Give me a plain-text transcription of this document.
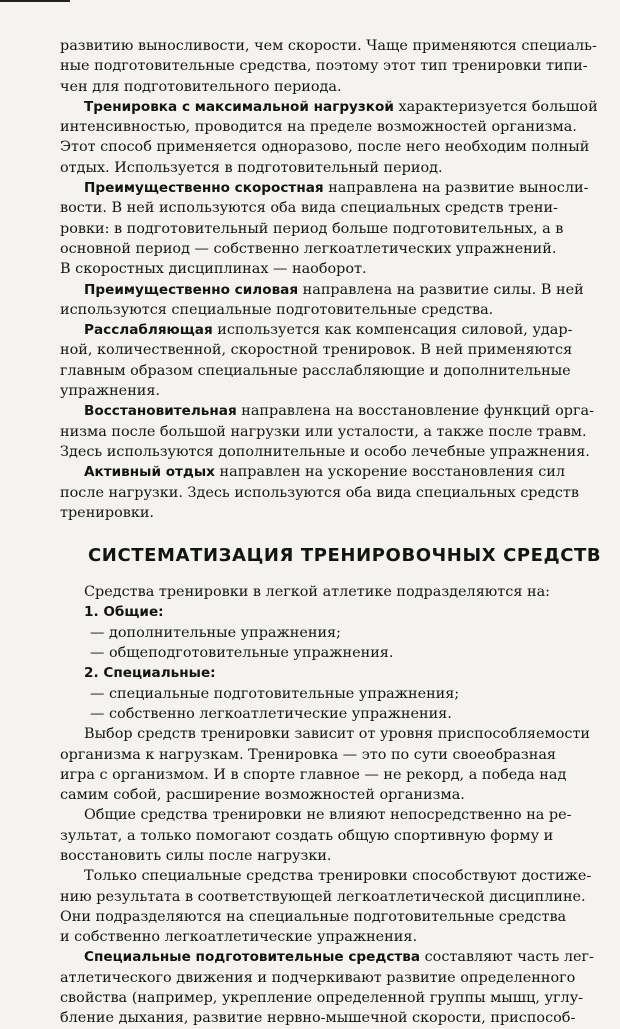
развитию выносливости, чем скорости. Чаще применяются специаль-
ные подготовительные средства, поэтому этот тип тренировки типи-
чен для подготовительного периода.

Тренировка с максимальной нагрузкой характеризуется большой
интенсивностью, проводится на пределе возможностей организма.
Этот способ применяется одноразово, после него необходим полный
отдых. Используется в подготовительный период.

Преимущественно скоростная направлена на развитие выносли-
вости. В ней используются оба вида специальных средств трени-
ровки: в подготовительный период больше подготовительных, а в
основной период — собственно легкоатлетических упражнений.
В скоростных дисциплинах — наоборот.

Преимущественно силовая направлена на развитие силы. В ней
используются специальные подготовительные средства.

Расслабляющая используется как компенсация силовой, удар-
ной, количественной, скоростной тренировок. В ней применяются
главным образом специальные расслабляющие и дополнительные
упражнения.

Восстановительная направлена на восстановление функций орга-
низма после большой нагрузки или усталости, а также после травм.
Здесь используются дополнительные и особо лечебные упражнения.

Активный отдых направлен на ускорение восстановления сил
после нагрузки. Здесь используются оба вида специальных средств
тренировки.

СИСТЕМАТИЗАЦИЯ ТРЕНИРОВОЧНЫХ СРЕДСТВ

Средства тренировки в легкой атлетике подразделяются на:
1. Общие:
— дополнительные упражнения;
— общеподготовительные упражнения.
2. Специальные:
— специальные подготовительные упражнения;
— собственно легкоатлетические упражнения.

Выбор средств тренировки зависит от уровня приспособляемости
организма к нагрузкам. Тренировка — это по сути своеобразная
игра с организмом. И в спорте главное — не рекорд, а победа над
самим собой, расширение возможностей организма.

Общие средства тренировки не влияют непосредственно на ре-
зультат, а только помогают создать общую спортивную форму и
восстановить силы после нагрузки.

Только специальные средства тренировки способствуют достиже-
нию результата в соответствующей легкоатлетической дисциплине.
Они подразделяются на специальные подготовительные средства
и собственно легкоатлетические упражнения.

Специальные подготовительные средства составляют часть лег-
атлетического движения и подчеркивают развитие определенного
свойства (например, укрепление определенной группы мышц, углу-
бление дыхания, развитие нервно-мышечной скорости, приспособ-
